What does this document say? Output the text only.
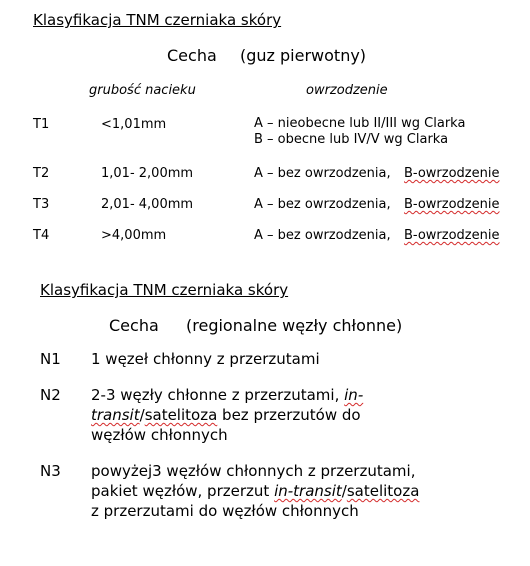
Klasyfikacja TNM czerniaka skóry
Cecha (guz pierwotny)
grubość nacieku	owrzodzenie
T1	<1,01mm	A – nieobecne lub II/III wg Clarka
B – obecne lub IV/V wg Clarka
T2	1,01- 2,00mm	A – bez owrzodzenia, B-owrzodzenie
T3	2,01- 4,00mm	A – bez owrzodzenia, B-owrzodzenie
T4	>4,00mm	A – bez owrzodzenia, B-owrzodzenie
Klasyfikacja TNM czerniaka skóry
Cecha (regionalne węzły chłonne)
N1 1 węzeł chłonny z przerzutami
N2 2-3 węzły chłonne z przerzutami, in-
transit/satelitoza bez przerzutów do
węzłów chłonnych
N3 powyżej3 węzłów chłonnych z przerzutami,
pakiet węzłów, przerzut in-transit/satelitoza
z przerzutami do węzłów chłonnych
